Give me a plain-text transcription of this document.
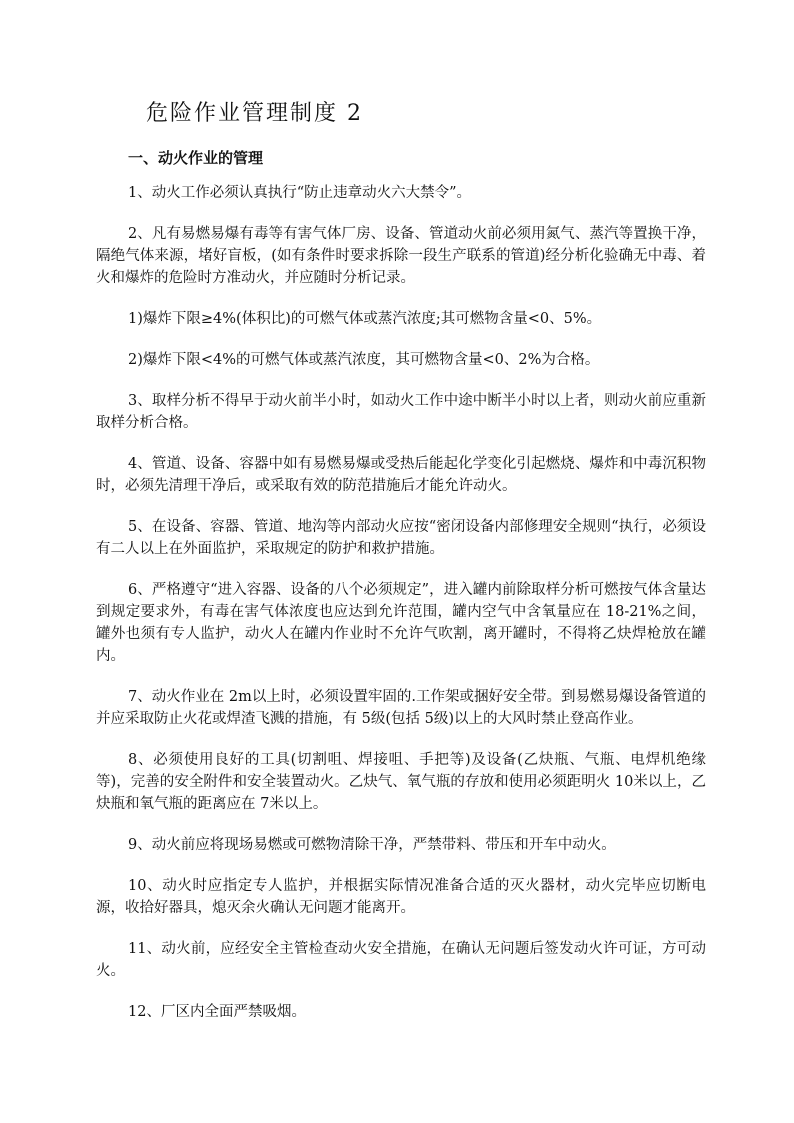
危险作业管理制度 2
一、动火作业的管理

1、动火工作必须认真执行“防止违章动火六大禁令”。

2、凡有易燃易爆有毒等有害气体厂房、设备、管道动火前必须用氮气、蒸汽等置换干净，隔绝气体来源，堵好盲板，(如有条件时要求拆除一段生产联系的管道)经分析化验确无中毒、着火和爆炸的危险时方准动火，并应随时分析记录。

1)爆炸下限≥4%(体积比)的可燃气体或蒸汽浓度;其可燃物含量<0、5%。

2)爆炸下限<4%的可燃气体或蒸汽浓度，其可燃物含量<0、2%为合格。

3、取样分析不得早于动火前半小时，如动火工作中途中断半小时以上者，则动火前应重新取样分析合格。

4、管道、设备、容器中如有易燃易爆或受热后能起化学变化引起燃烧、爆炸和中毒沉积物时，必须先清理干净后，或采取有效的防范措施后才能允许动火。

5、在设备、容器、管道、地沟等内部动火应按“密闭设备内部修理安全规则“执行，必须设有二人以上在外面监护，采取规定的防护和救护措施。

6、严格遵守“进入容器、设备的八个必须规定”，进入罐内前除取样分析可燃按气体含量达到规定要求外，有毒在害气体浓度也应达到允许范围，罐内空气中含氧量应在 18-21%之间，罐外也须有专人监护，动火人在罐内作业时不允许气吹割，离开罐时，不得将乙炔焊枪放在罐内。

7、动火作业在 2m以上时，必须设置牢固的.工作架或捆好安全带。到易燃易爆设备管道的并应采取防止火花或焊渣飞溅的措施，有 5级(包括 5级)以上的大风时禁止登高作业。

8、必须使用良好的工具(切割咀、焊接咀、手把等)及设备(乙炔瓶、气瓶、电焊机绝缘等)，完善的安全附件和安全装置动火。乙炔气、氧气瓶的存放和使用必须距明火 10米以上，乙炔瓶和氧气瓶的距离应在 7米以上。

9、动火前应将现场易燃或可燃物清除干净，严禁带料、带压和开车中动火。

10、动火时应指定专人监护，并根据实际情况准备合适的灭火器材，动火完毕应切断电源，收拾好器具，熄灭余火确认无问题才能离开。

11、动火前，应经安全主管检查动火安全措施，在确认无问题后签发动火许可证，方可动火。

12、厂区内全面严禁吸烟。
